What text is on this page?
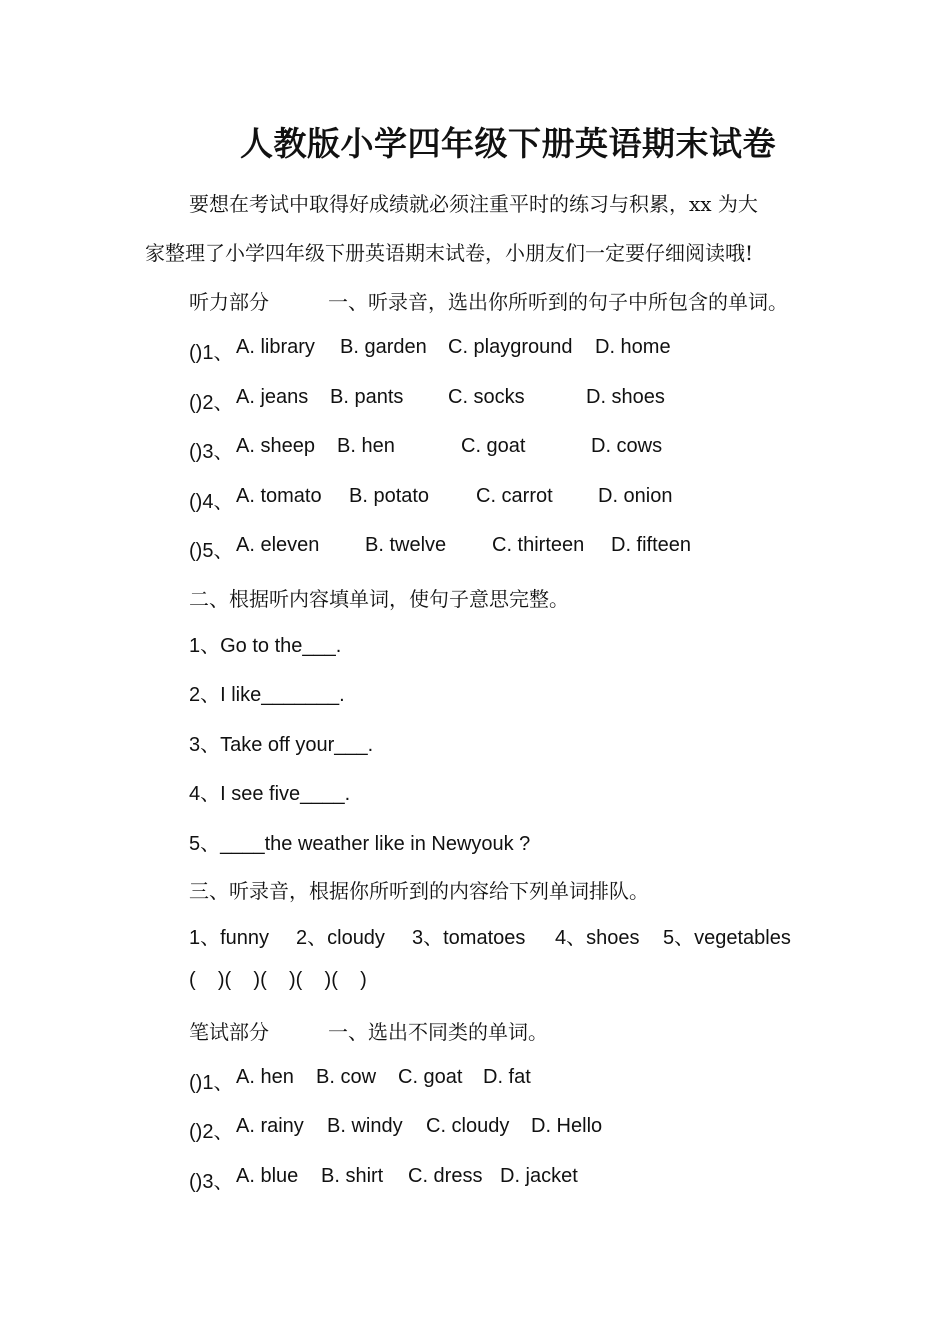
人教版小学四年级下册英语期末试卷
要想在考试中取得好成绩就必须注重平时的练习与积累，xx 为大
家整理了小学四年级下册英语期末试卷，小朋友们一定要仔细阅读哦!
听力部分	一、听录音，选出你所听到的句子中所包含的单词。
()1、 A. library B. garden C. playground D. home
()2、 A. jeans B. pants C. socks	D. shoes
()3、 A. sheep B. hen	C. goat	D. cows
()4、 A. tomato B. potato C. carrot D. onion
()5、 A. eleven B. twelve C. thirteen D. fifteen
二、根据听内容填单词，使句子意思完整。
1、Go to the___.
2、I like_______.
3、Take off your___.
4、I see five____.
5、____the weather like in Newyouk ?
三、听录音，根据你所听到的内容给下列单词排队。
1、funny 2、cloudy 3、tomatoes 4、shoes 5、vegetables
(    )(    )(    )(    )(    )
笔试部分	一、选出不同类的单词。
()1、 A. hen B. cow C. goat D. fat
()2、 A. rainy B. windy C. cloudy D. Hello
()3、 A. blue B. shirt C. dress D. jacket
